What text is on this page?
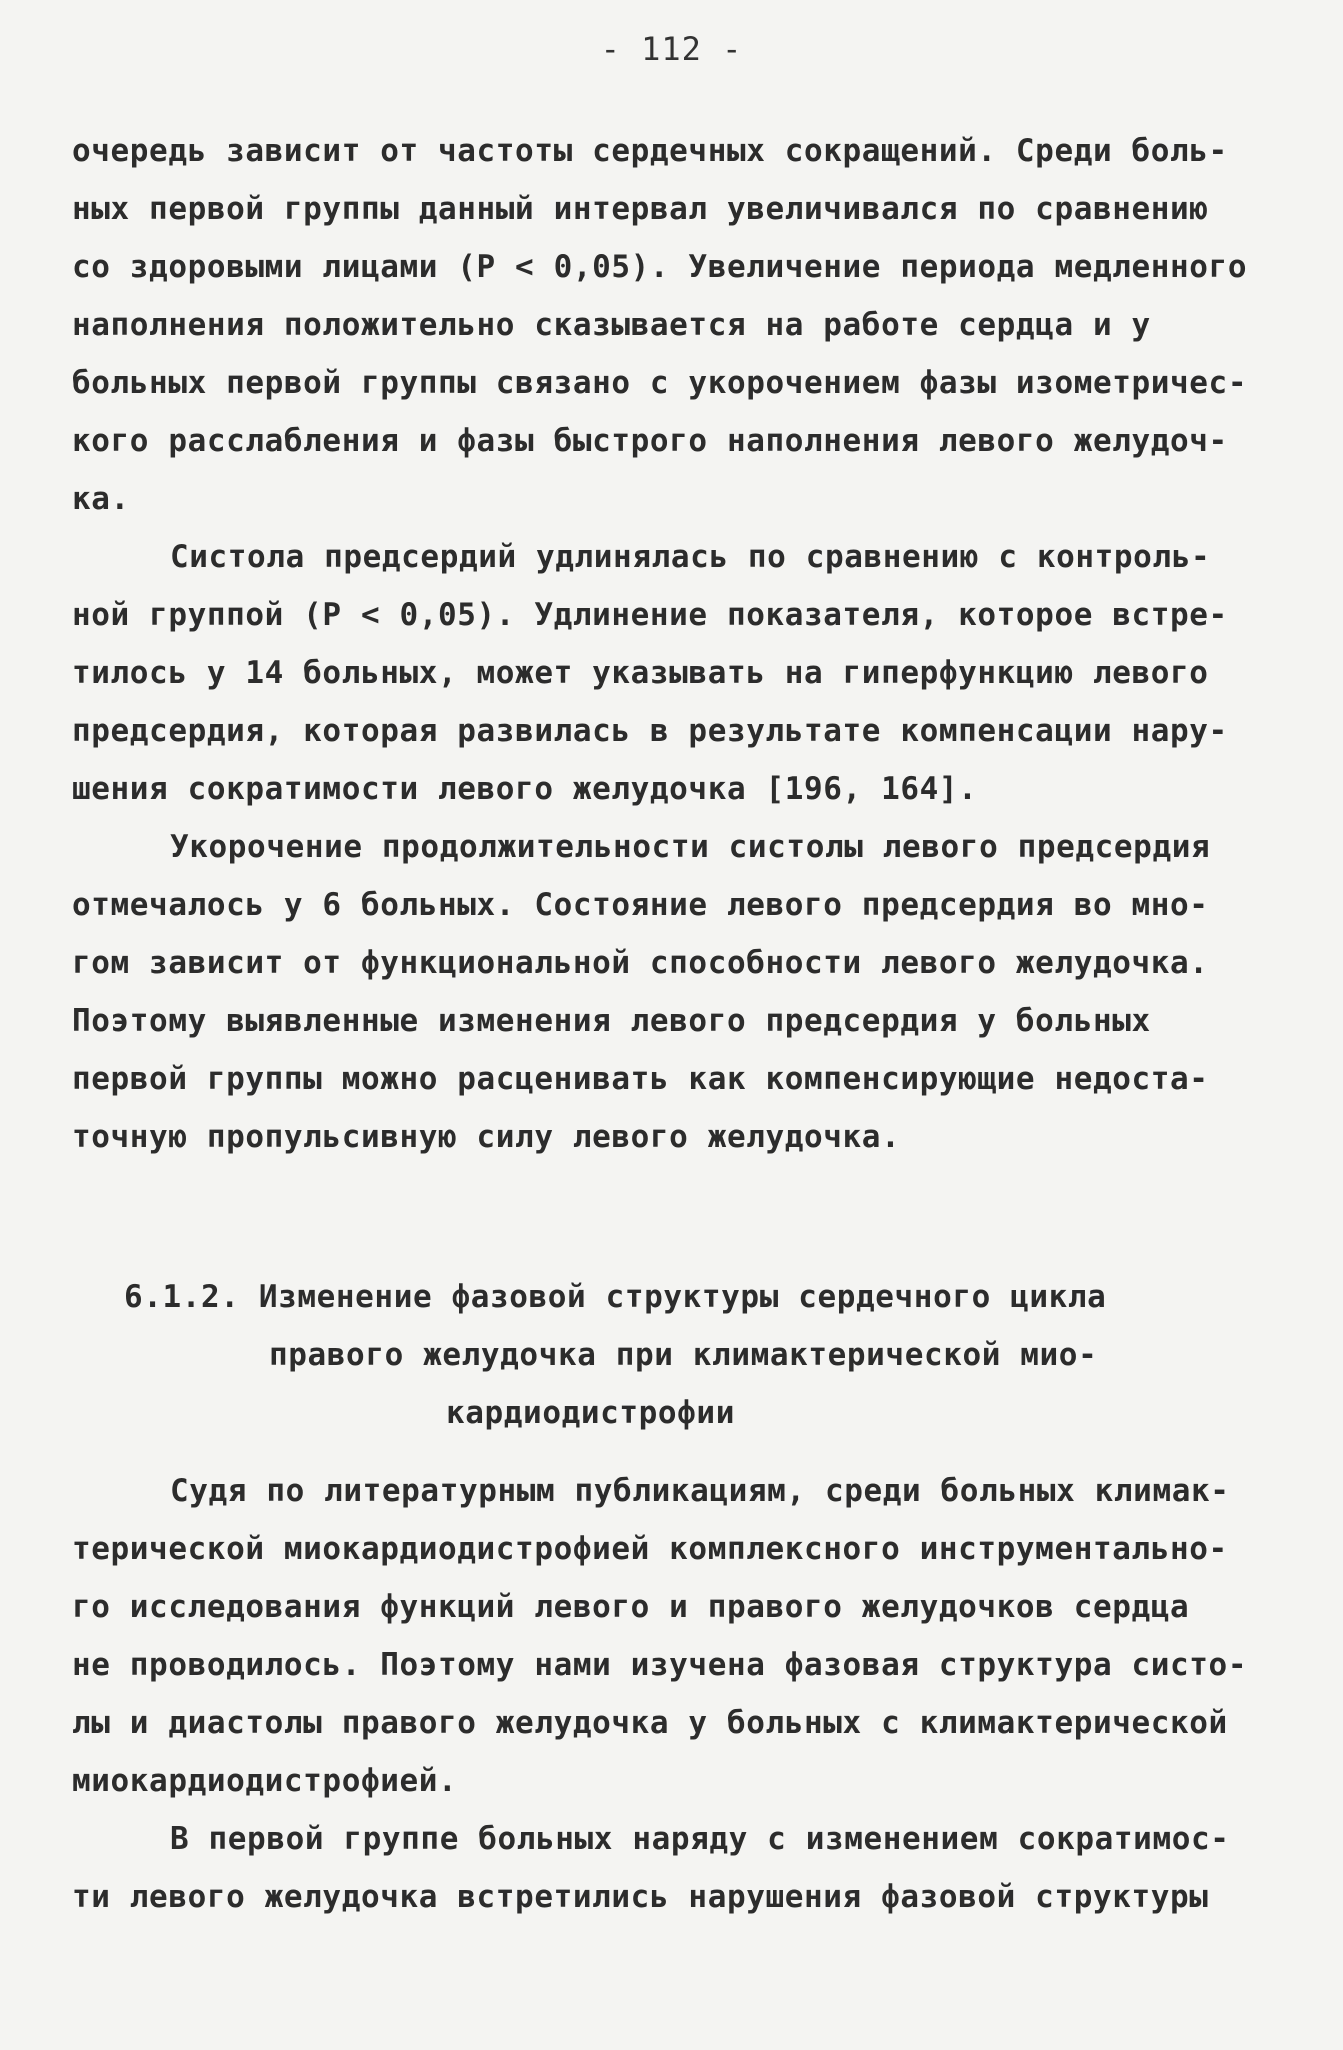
- 112 -
очередь зависит от частоты сердечных сокращений. Среди боль-
ных первой группы данный интервал увеличивался по сравнению
со здоровыми лицами (P < 0,05). Увеличение периода медленного
наполнения положительно сказывается на работе сердца и у
больных первой группы связано с укорочением фазы изометричес-
кого расслабления и фазы быстрого наполнения левого желудоч-
ка.
Систола предсердий удлинялась по сравнению с контроль-
ной группой (P < 0,05). Удлинение показателя, которое встре-
тилось у 14 больных, может указывать на гиперфункцию левого
предсердия, которая развилась в результате компенсации нару-
шения сократимости левого желудочка [196, 164].
Укорочение продолжительности систолы левого предсердия
отмечалось у 6 больных. Состояние левого предсердия во мно-
гом зависит от функциональной способности левого желудочка.
Поэтому выявленные изменения левого предсердия у больных
первой группы можно расценивать как компенсирующие недоста-
точную пропульсивную силу левого желудочка.
6.1.2. Изменение фазовой структуры сердечного цикла
правого желудочка при климактерической мио-
кардиодистрофии
Судя по литературным публикациям, среди больных климак-
терической миокардиодистрофией комплексного инструментально-
го исследования функций левого и правого желудочков сердца
не проводилось. Поэтому нами изучена фазовая структура систо-
лы и диастолы правого желудочка у больных с климактерической
миокардиодистрофией.
В первой группе больных наряду с изменением сократимос-
ти левого желудочка встретились нарушения фазовой структуры
